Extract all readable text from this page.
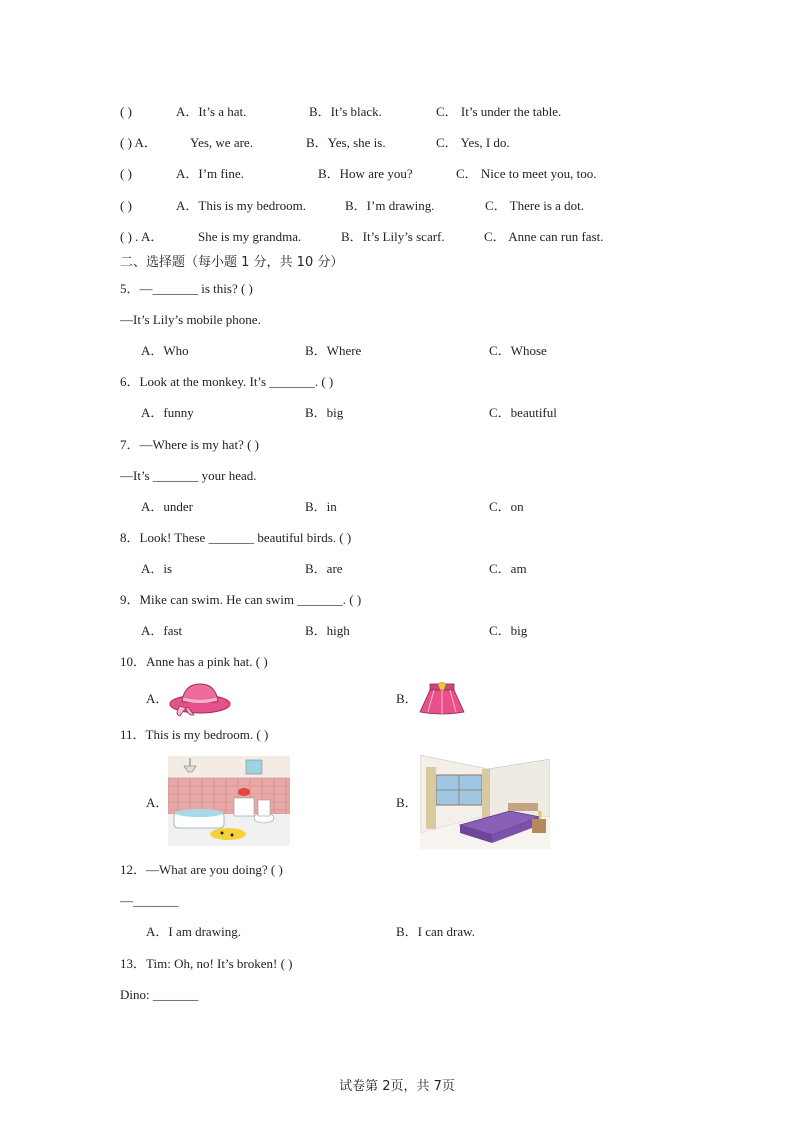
( )	A．It’s a hat.	B．It’s black.	C． It’s under the table.
( ) A．	Yes, we are.	B．Yes, she is.	C． Yes, I do.
( )	A．I’m fine.	B．How are you?	C． Nice to meet you, too.
( )	A．This is my bedroom.	B．I’m drawing.	C． There is a dot.
( ) . A．	She is my grandma.	B．It’s Lily’s scarf.	C． Anne can run fast.
二、选择题（每小题 1 分，共 10 分）
5．—_______ is this? ( )
—It’s Lily’s mobile phone.
A．Who	B．Where	C．Whose
6．Look at the monkey. It’s _______. ( )
A．funny	B．big	C．beautiful
7．—Where is my hat? ( )
—It’s _______ your head.
A．under	B．in	C．on
8．Look! These _______ beautiful birds. ( )
A．is	B．are	C．am
9．Mike can swim. He can swim _______. ( )
A．fast	B．high	C．big
10．Anne has a pink hat. ( )
A．	B．
11．This is my bedroom. ( )
A．	B．
12．—What are you doing? ( )
—_______
A．I am drawing.	B．I can draw.
13．Tim: Oh, no! It’s broken! ( )
Dino: _______
试卷第 2页，共 7页
